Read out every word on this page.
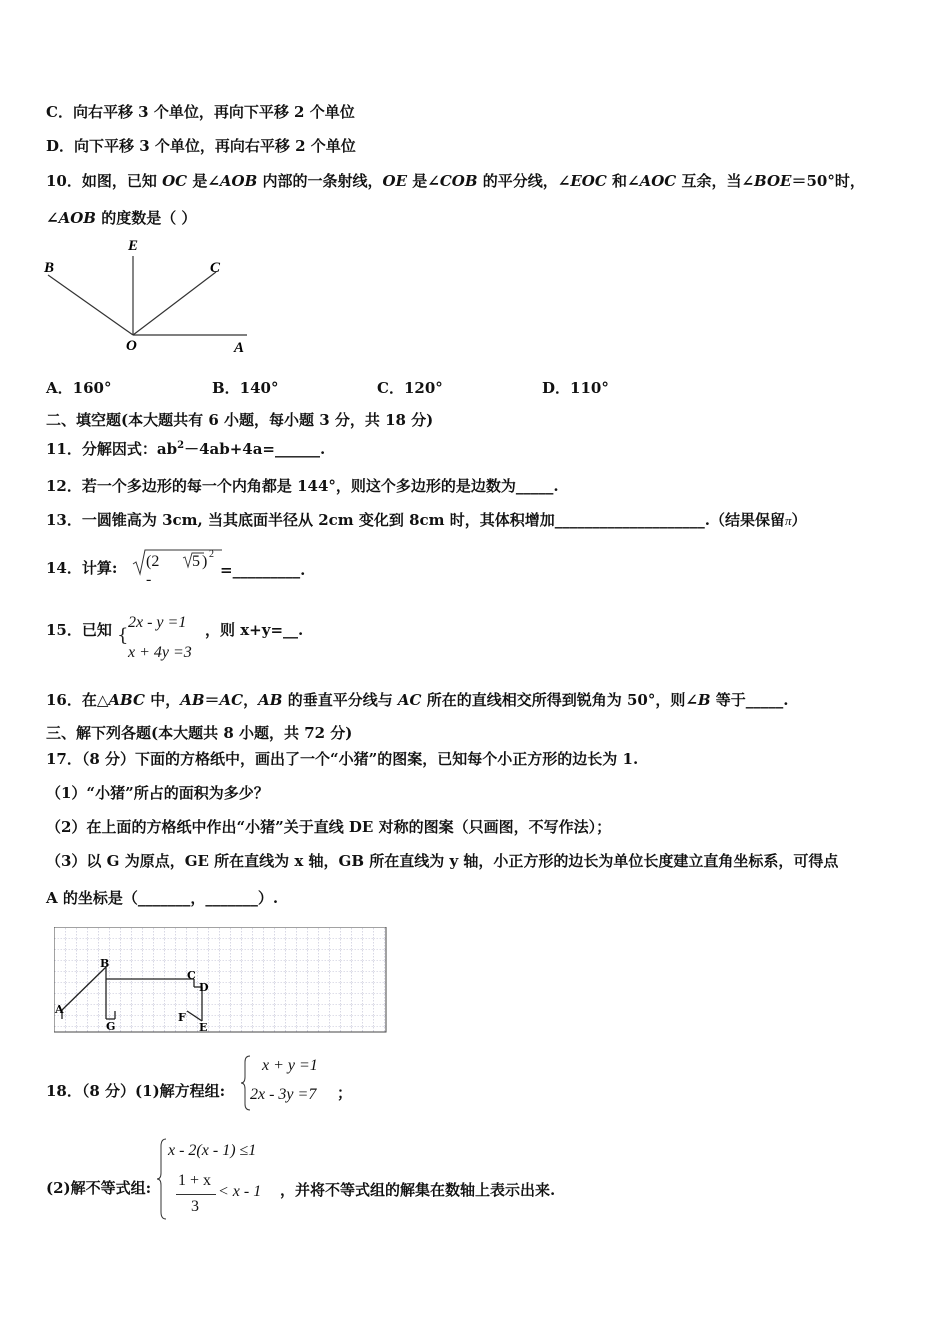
C．向右平移 3 个单位，再向下平移 2 个单位
D．向下平移 3 个单位，再向右平移 2 个单位
10．如图，已知 OC 是∠AOB 内部的一条射线，OE 是∠COB 的平分线，∠EOC 和∠AOC 互余，当∠BOE＝50°时，
∠AOB 的度数是（ ）
B
E
C
O	A
A．160°	B．140°	C．120°	D．110°
二、填空题(本大题共有 6 小题，每小题 3 分，共 18 分)
11．分解因式：$ab^2-4ab+4a=\_\_\_\_\_\_$.
12．若一个多边形的每一个内角都是 144°，则这个多边形的是边数为_____.
13．一圆锥高为 3cm, 当其底面半径从 2cm 变化到 8cm 时，其体积增加____________________.（结果保留π）
14．计算: (2 -
5 ) 2
=_________.
15．已知 {
2x - y =1
x + 4y =3
，则 x+y=__.
16．在△ABC 中，AB＝AC，AB 的垂直平分线与 AC 所在的直线相交所得到锐角为 50°，则∠B 等于_____.
三、解下列各题(本大题共 8 小题，共 72 分)
17．（8 分）下面的方格纸中，画出了一个“小猪”的图案，已知每个小正方形的边长为 1.
（1）“小猪”所占的面积为多少？
（2）在上面的方格纸中作出“小猪”关于直线 DE 对称的图案（只画图，不写作法）；
（3）以 G 为原点，GE 所在直线为 x 轴，GB 所在直线为 y 轴，小正方形的边长为单位长度建立直角坐标系，可得点
A 的坐标是（_______，_______）.
A
B
C
D
E
F
G
18．（8 分）(1)解方程组:
x + y =1
2x - 3y =7 ；
(2)解不等式组:
x - 2(x - 1) ≤1
1 + x
3
< x - 1 ，并将不等式组的解集在数轴上表示出来.
